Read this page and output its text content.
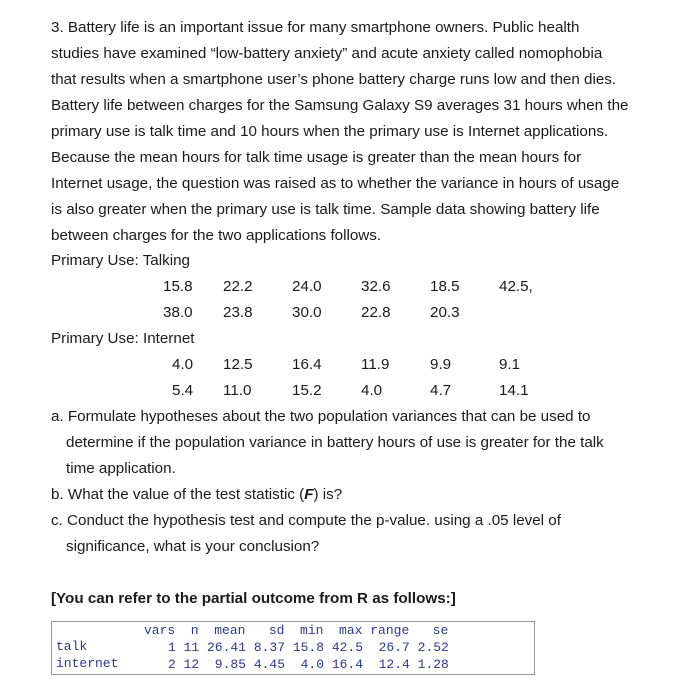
3. Battery life is an important issue for many smartphone owners. Public health
studies have examined “low-battery anxiety” and acute anxiety called nomophobia
that results when a smartphone user’s phone battery charge runs low and then dies.
Battery life between charges for the Samsung Galaxy S9 averages 31 hours when the
primary use is talk time and 10 hours when the primary use is Internet applications.
Because the mean hours for talk time usage is greater than the mean hours for
Internet usage, the question was raised as to whether the variance in hours of usage
is also greater when the primary use is talk time. Sample data showing battery life
between charges for the two applications follows.
Primary Use: Talking
15.8 22.2	24.0	32.6	18.5	42.5,
38.0 23.8	30.0	22.8	20.3
Primary Use: Internet
4.0 12.5	16.4	11.9	9.9	9.1
5.4 11.0	15.2	4.0	4.7	14.1
a. Formulate hypotheses about the two population variances that can be used to
determine if the population variance in battery hours of use is greater for the talk
time application.
b. What the value of the test statistic (F) is?
c. Conduct the hypothesis test and compute the p-value. using a .05 level of
significance, what is your conclusion?
[You can refer to the partial outcome from R as follows:]
vars  n  mean   sd  min  max range   se
talk	1 11 26.41 8.37 15.8 42.5  26.7 2.52
internet	2 12  9.85 4.45  4.0 16.4  12.4 1.28
